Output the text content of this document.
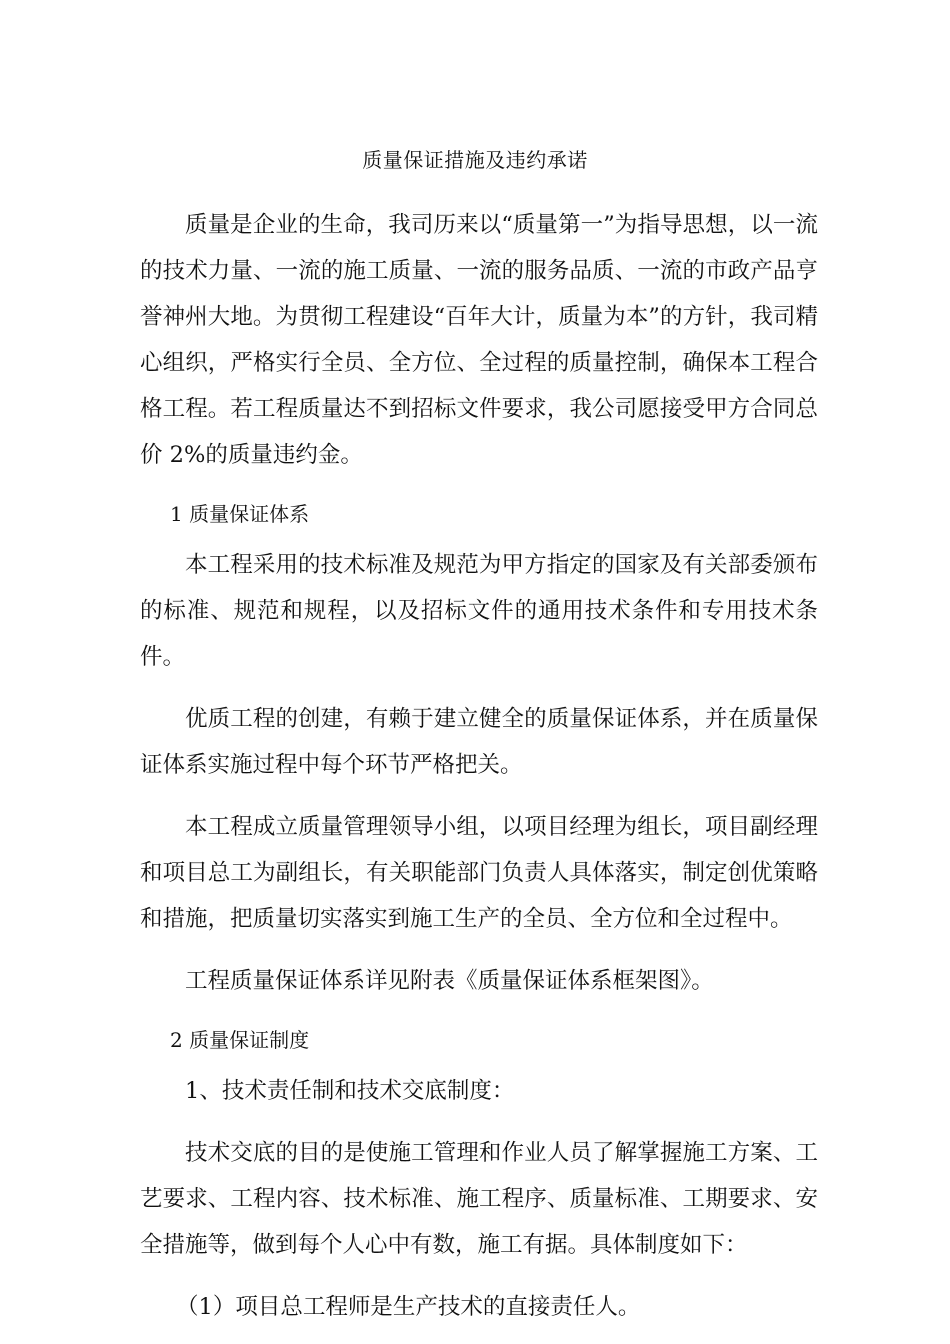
质量保证措施及违约承诺

质量是企业的生命，我司历来以“质量第一”为指导思想，以一流的技术力量、一流的施工质量、一流的服务品质、一流的市政产品亨誉神州大地。为贯彻工程建设“百年大计，质量为本”的方针，我司精心组织，严格实行全员、全方位、全过程的质量控制，确保本工程合格工程。若工程质量达不到招标文件要求，我公司愿接受甲方合同总价 2%的质量违约金。

1 质量保证体系

本工程采用的技术标准及规范为甲方指定的国家及有关部委颁布的标准、规范和规程，以及招标文件的通用技术条件和专用技术条件。

优质工程的创建，有赖于建立健全的质量保证体系，并在质量保证体系实施过程中每个环节严格把关。

本工程成立质量管理领导小组，以项目经理为组长，项目副经理和项目总工为副组长，有关职能部门负责人具体落实，制定创优策略和措施，把质量切实落实到施工生产的全员、全方位和全过程中。

工程质量保证体系详见附表《质量保证体系框架图》。

2 质量保证制度

1、技术责任制和技术交底制度：

技术交底的目的是使施工管理和作业人员了解掌握施工方案、工艺要求、工程内容、技术标准、施工程序、质量标准、工期要求、安全措施等，做到每个人心中有数，施工有据。具体制度如下：

（1）项目总工程师是生产技术的直接责任人。
